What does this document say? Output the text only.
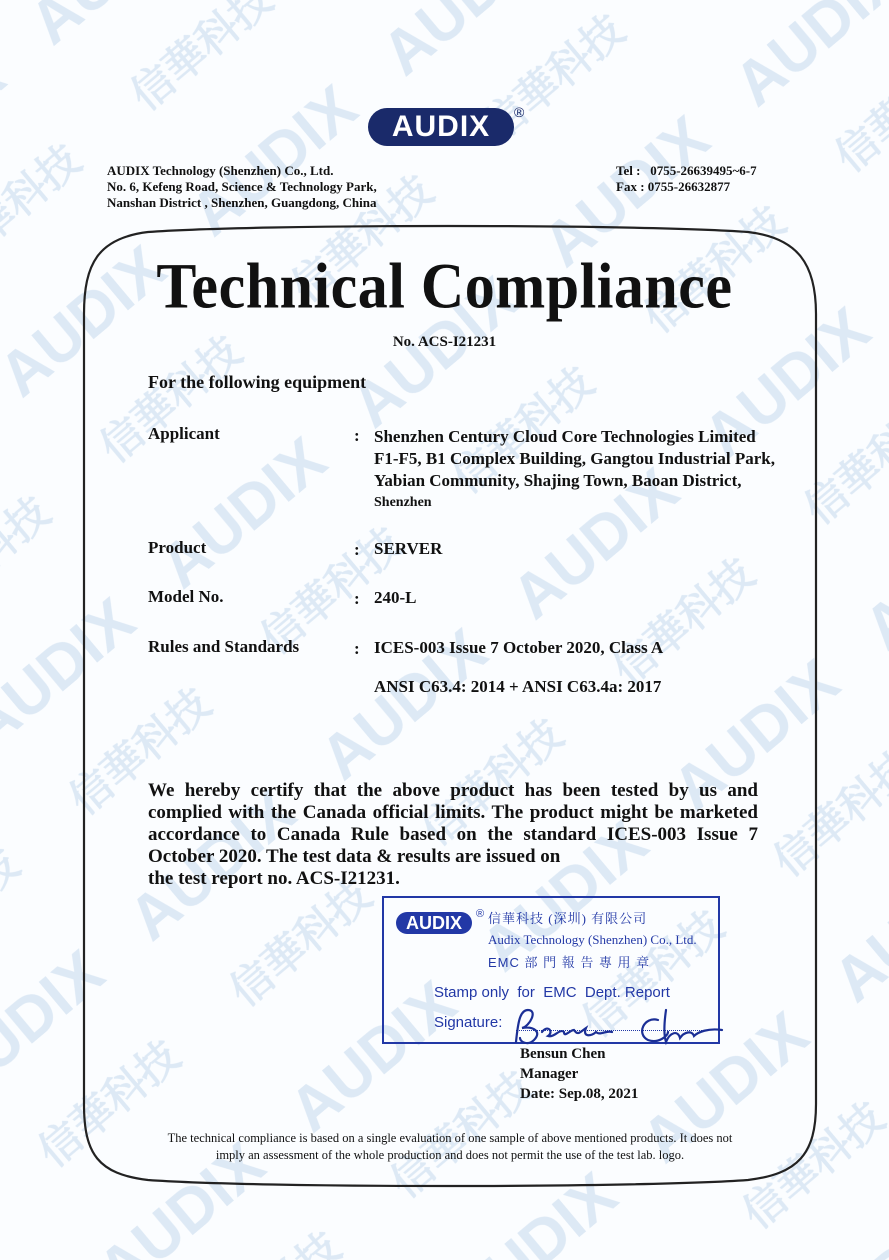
AUDIX	®
AUDIX Technology (Shenzhen) Co., Ltd.
No. 6, Kefeng Road, Science & Technology Park,
Nanshan District , Shenzhen, Guangdong, China
Tel :   0755-26639495~6-7
Fax : 0755-26632877
Technical Compliance
No. ACS-I21231
For the following equipment
Applicant	: Shenzhen Century Cloud Core Technologies Limited
F1-F5, B1 Complex Building, Gangtou Industrial Park,
Yabian Community, Shajing Town, Baoan District,
Shenzhen
Product	: SERVER
Model No.	: 240-L
Rules and Standards	: ICES-003 Issue 7 October 2020, Class A
ANSI C63.4: 2014 + ANSI C63.4a: 2017
We hereby certify that the above product has been tested by us and complied with the Canada official limits. The product might be marketed accordance to Canada Rule based on the standard ICES-003 Issue 7 October 2020. The test data & results are issued on
the test report no. ACS-I21231.
AUDIX	® 信華科技 (深圳) 有限公司
Audix Technology (Shenzhen) Co., Ltd.
EMC 部 門 報 告 專 用 章
Stamp only  for  EMC  Dept. Report
Signature:
Bensun Chen
Manager
Date: Sep.08, 2021
The technical compliance is based on a single evaluation of one sample of above mentioned products. It does not
imply an assessment of the whole production and does not permit the use of the test lab. logo.
